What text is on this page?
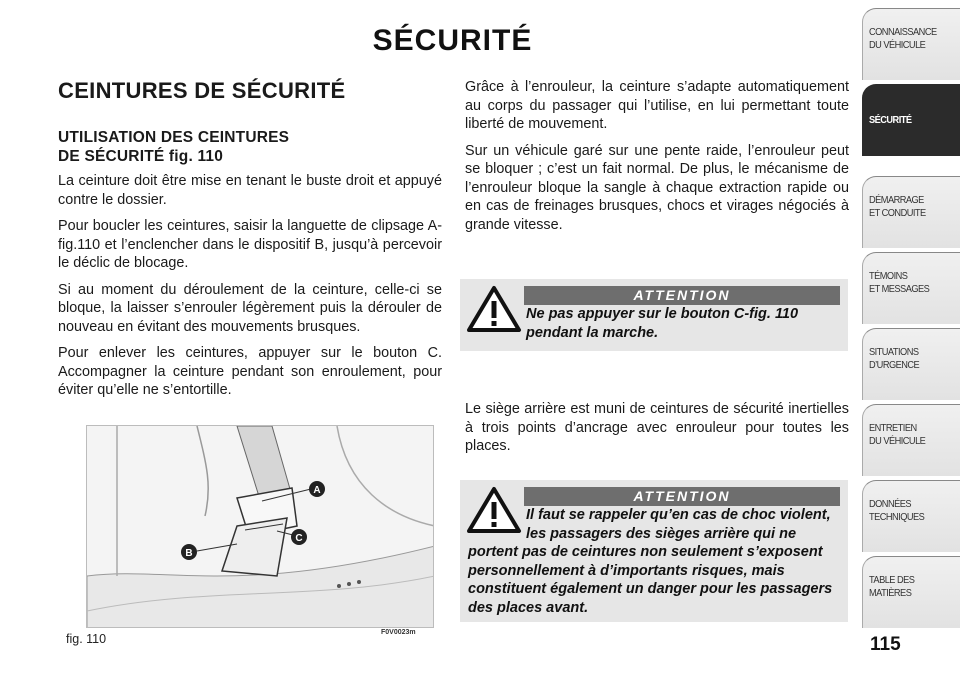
SÉCURITÉ
CEINTURES DE SÉCURITÉ
UTILISATION DES CEINTURES
DE SÉCURITÉ fig. 110

La ceinture doit être mise en tenant le buste droit et appuyé contre le dossier.

Pour boucler les ceintures, saisir la languette de clipsage A-fig.110 et l’enclencher dans le dispositif B, jusqu’à percevoir le déclic de blocage.

Si au moment du déroulement de la ceinture, celle-ci se bloque, la laisser s’enrouler légèrement puis la dérouler de nouveau en évitant des mouvements brusques.

Pour enlever les ceintures, appuyer sur le bouton C. Accompagner la ceinture pendant son enroulement, pour éviter qu’elle ne s’entortille.

Grâce à l’enrouleur, la ceinture s’adapte automatiquement au corps du passager qui l’utilise, en lui permettant toute liberté de mouvement.

Sur un véhicule garé sur une pente raide, l’enrouleur peut se bloquer ; c’est un fait normal. De plus, le mécanisme de l’enrouleur bloque la sangle à chaque extraction rapide ou en cas de freinages brusques, chocs et virages négociés à grande vitesse.

ATTENTION
Ne pas appuyer sur le bouton C-fig. 110 pendant la marche.

Le siège arrière est muni de ceintures de sécurité inertielles à trois points d’ancrage avec enrouleur pour toutes les places.

ATTENTION
Il faut se rappeler qu’en cas de choc violent, les passagers des sièges arrière qui ne
portent pas de ceintures non seulement s’exposent personnellement à d’importants risques, mais constituent également un danger pour les passagers des places avant.
A
C
B
fig. 110	F0V0023m
CONNAISSANCE
DU VÉHICULE
SÉCURITÉ
DÉMARRAGE
ET CONDUITE
TÉMOINS
ET MESSAGES
SITUATIONS
D’URGENCE
ENTRETIEN
DU VÉHICULE
DONNÉES
TECHNIQUES
TABLE DES
MATIÈRES
115
